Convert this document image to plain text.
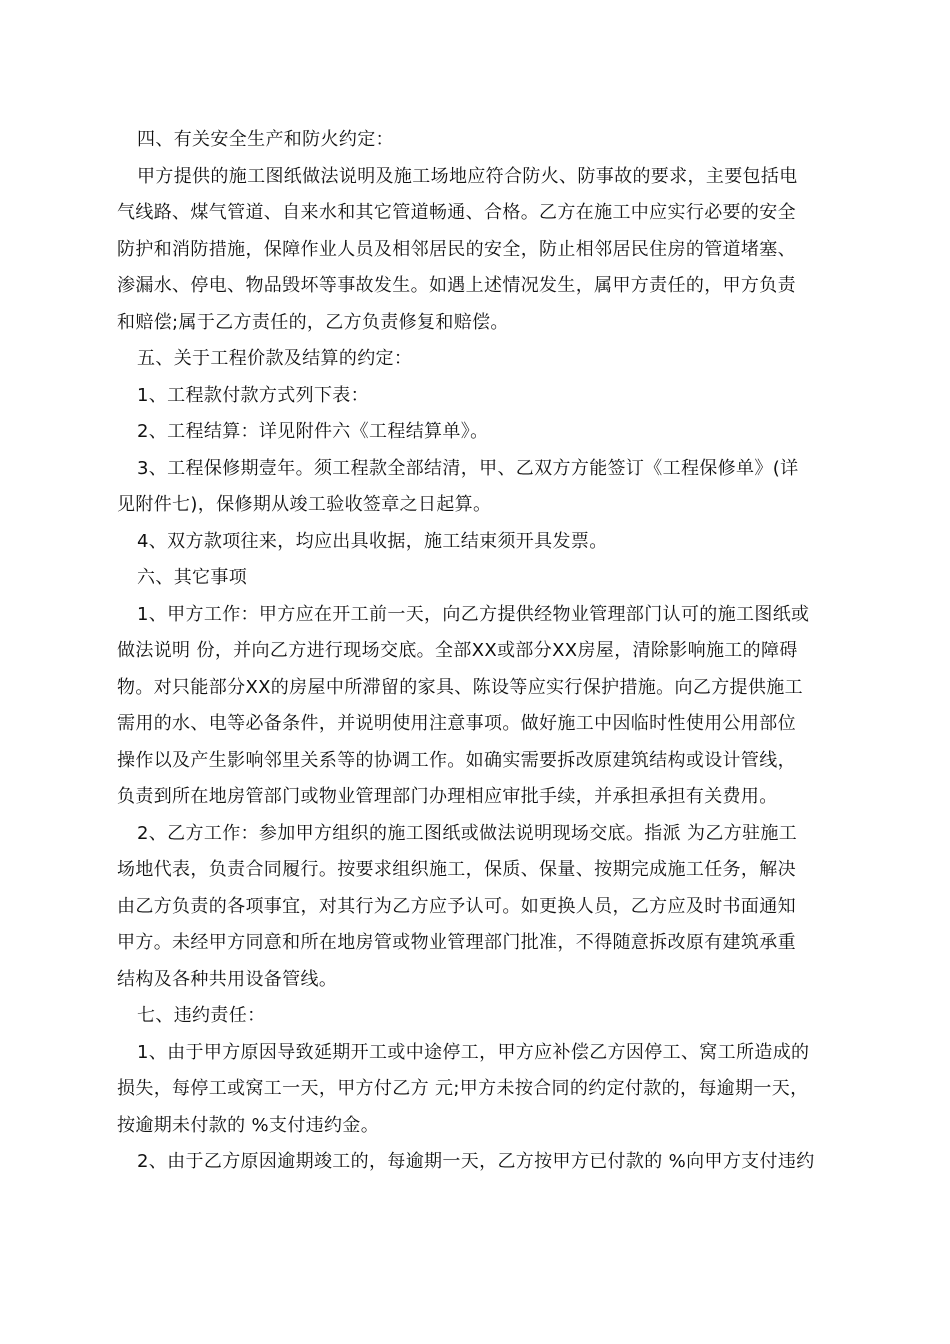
四、有关安全生产和防火约定：

甲方提供的施工图纸做法说明及施工场地应符合防火、防事故的要求，主要包括电

气线路、煤气管道、自来水和其它管道畅通、合格。乙方在施工中应实行必要的安全

防护和消防措施，保障作业人员及相邻居民的安全，防止相邻居民住房的管道堵塞、

渗漏水、停电、物品毁坏等事故发生。如遇上述情况发生，属甲方责任的，甲方负责

和赔偿;属于乙方责任的，乙方负责修复和赔偿。

五、关于工程价款及结算的约定：

1、工程款付款方式列下表：

2、工程结算：详见附件六《工程结算单》。

3、工程保修期壹年。须工程款全部结清，甲、乙双方方能签订《工程保修单》(详

见附件七)，保修期从竣工验收签章之日起算。

4、双方款项往来，均应出具收据，施工结束须开具发票。

六、其它事项

1、甲方工作：甲方应在开工前一天，向乙方提供经物业管理部门认可的施工图纸或

做法说明 份，并向乙方进行现场交底。全部XX或部分XX房屋，清除影响施工的障碍

物。对只能部分XX的房屋中所滞留的家具、陈设等应实行保护措施。向乙方提供施工

需用的水、电等必备条件，并说明使用注意事项。做好施工中因临时性使用公用部位

操作以及产生影响邻里关系等的协调工作。如确实需要拆改原建筑结构或设计管线，

负责到所在地房管部门或物业管理部门办理相应审批手续，并承担承担有关费用。

2、乙方工作：参加甲方组织的施工图纸或做法说明现场交底。指派 为乙方驻施工

场地代表，负责合同履行。按要求组织施工，保质、保量、按期完成施工任务，解决

由乙方负责的各项事宜，对其行为乙方应予认可。如更换人员，乙方应及时书面通知

甲方。未经甲方同意和所在地房管或物业管理部门批准，不得随意拆改原有建筑承重

结构及各种共用设备管线。

七、违约责任：

1、由于甲方原因导致延期开工或中途停工，甲方应补偿乙方因停工、窝工所造成的

损失，每停工或窝工一天，甲方付乙方 元;甲方未按合同的约定付款的，每逾期一天，

按逾期未付款的 %支付违约金。

2、由于乙方原因逾期竣工的，每逾期一天，乙方按甲方已付款的 %向甲方支付违约
